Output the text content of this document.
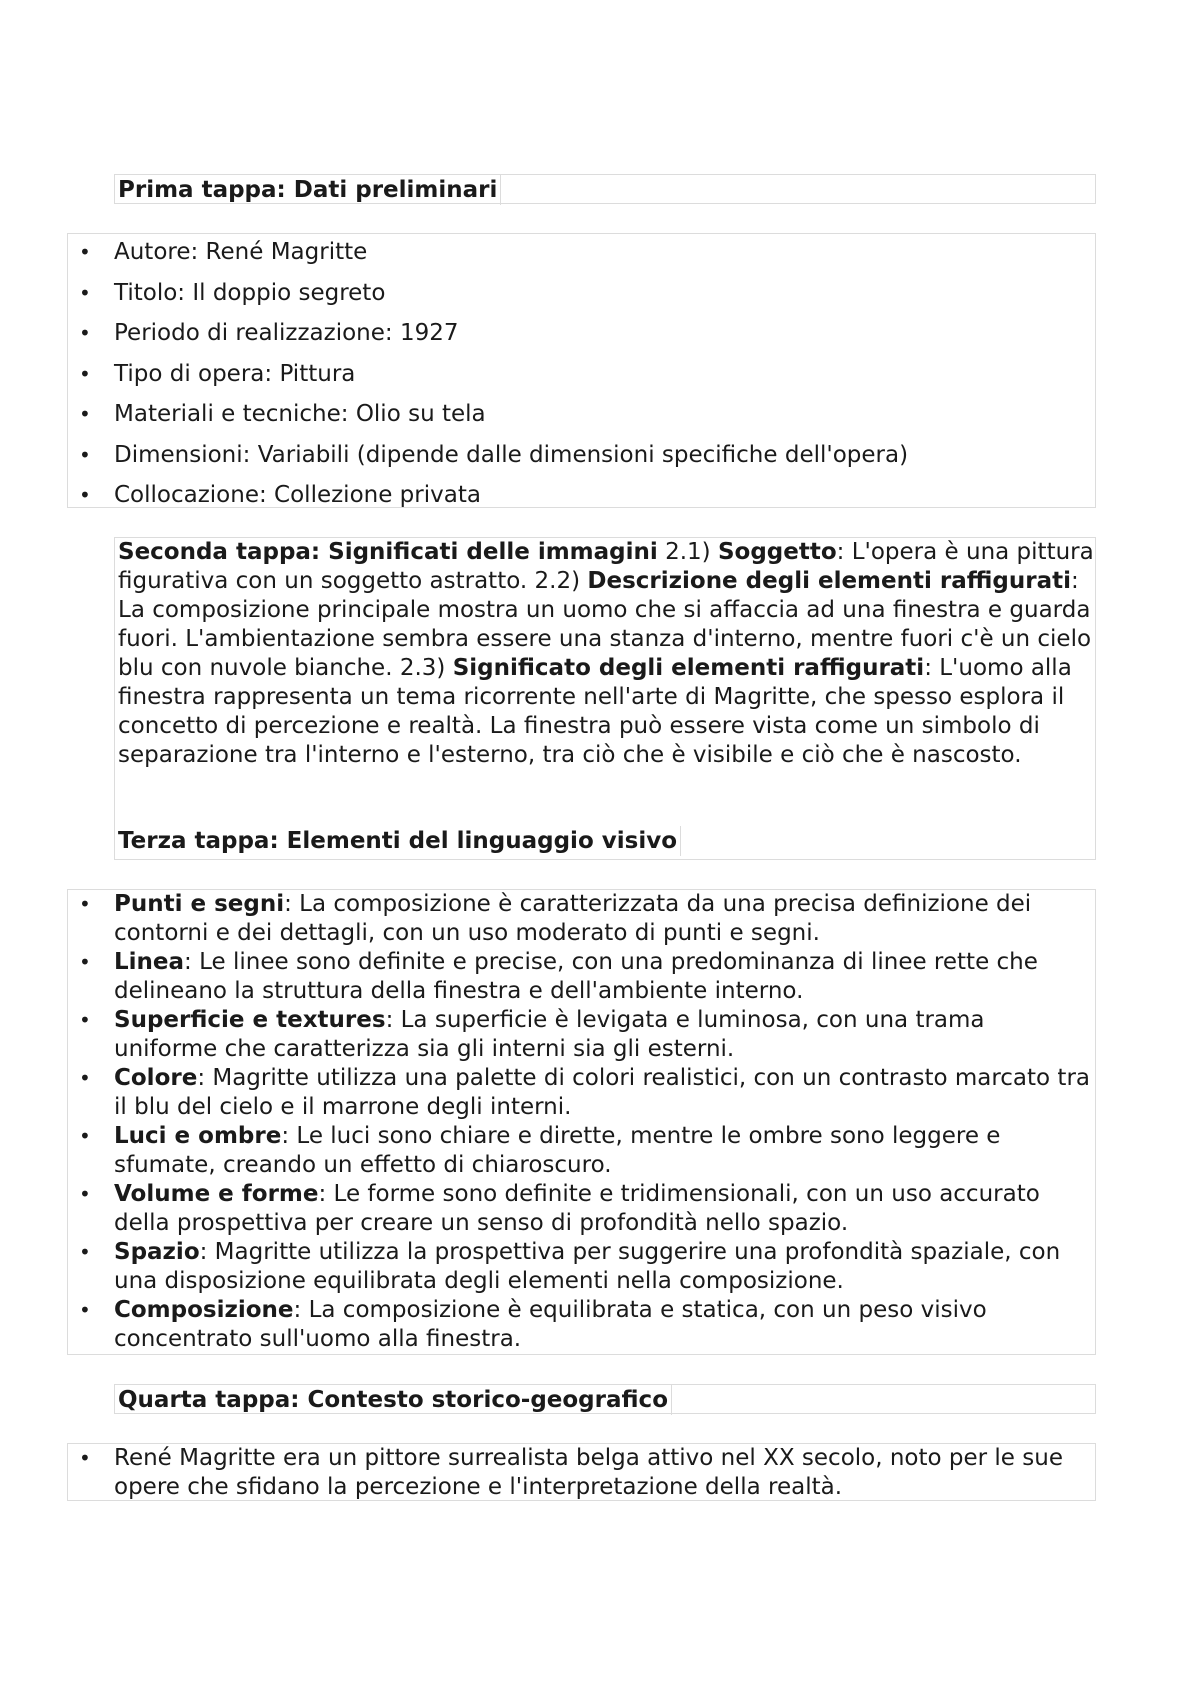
Prima tappa: Dati preliminari
• Autore: René Magritte
• Titolo: Il doppio segreto
• Periodo di realizzazione: 1927
• Tipo di opera: Pittura
• Materiali e tecniche: Olio su tela
• Dimensioni: Variabili (dipende dalle dimensioni specifiche dell'opera)
• Collocazione: Collezione privata

Seconda tappa: Significati delle immagini 2.1) Soggetto: L'opera è una pittura figurativa con un soggetto astratto. 2.2) Descrizione degli elementi raffigurati: La composizione principale mostra un uomo che si affaccia ad una finestra e guarda fuori. L'ambientazione sembra essere una stanza d'interno, mentre fuori c'è un cielo blu con nuvole bianche. 2.3) Significato degli elementi raffigurati: L'uomo alla finestra rappresenta un tema ricorrente nell'arte di Magritte, che spesso esplora il concetto di percezione e realtà. La finestra può essere vista come un simbolo di separazione tra l'interno e l'esterno, tra ciò che è visibile e ciò che è nascosto.

Terza tappa: Elementi del linguaggio visivo
• Punti e segni: La composizione è caratterizzata da una precisa definizione dei contorni e dei dettagli, con un uso moderato di punti e segni.
• Linea: Le linee sono definite e precise, con una predominanza di linee rette che delineano la struttura della finestra e dell'ambiente interno.
• Superficie e textures: La superficie è levigata e luminosa, con una trama uniforme che caratterizza sia gli interni sia gli esterni.
• Colore: Magritte utilizza una palette di colori realistici, con un contrasto marcato tra il blu del cielo e il marrone degli interni.
• Luci e ombre: Le luci sono chiare e dirette, mentre le ombre sono leggere e sfumate, creando un effetto di chiaroscuro.
• Volume e forme: Le forme sono definite e tridimensionali, con un uso accurato della prospettiva per creare un senso di profondità nello spazio.
• Spazio: Magritte utilizza la prospettiva per suggerire una profondità spaziale, con una disposizione equilibrata degli elementi nella composizione.
• Composizione: La composizione è equilibrata e statica, con un peso visivo concentrato sull'uomo alla finestra.
Quarta tappa: Contesto storico-geografico
• René Magritte era un pittore surrealista belga attivo nel XX secolo, noto per le sue opere che sfidano la percezione e l'interpretazione della realtà.
